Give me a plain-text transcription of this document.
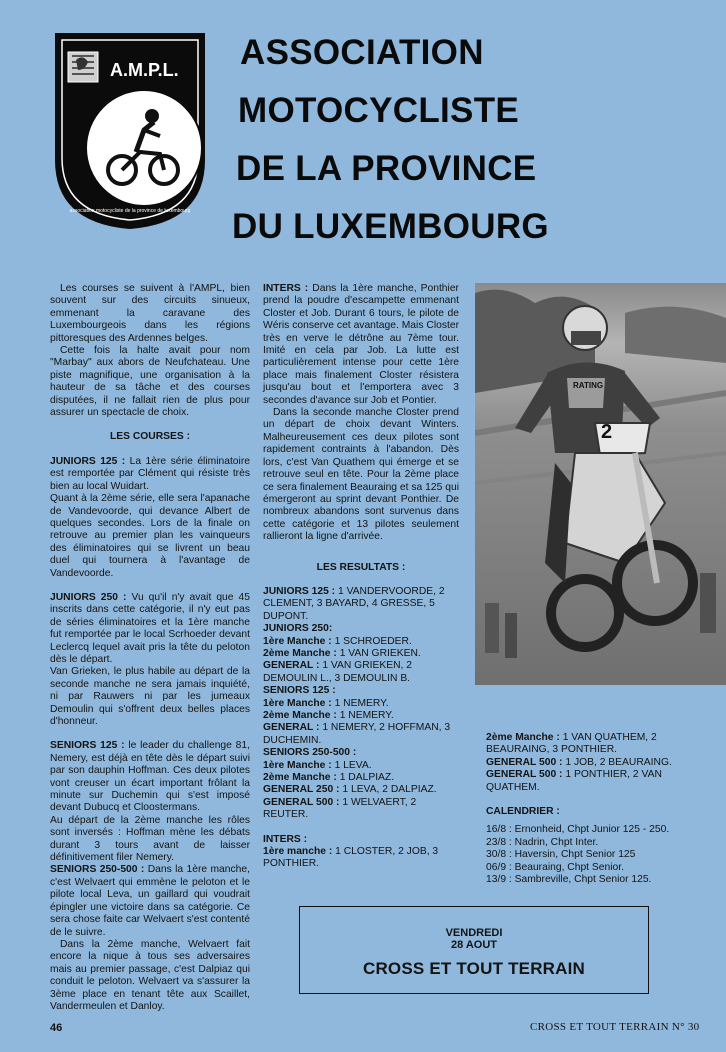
A.M.P.L.
association motocycliste de la province de luxembourg
ASSOCIATION
MOTOCYCLISTE
DE LA PROVINCE
DU LUXEMBOURG

Les courses se suivent à l'AMPL, bien souvent sur des circuits sinueux, emmenant la caravane des Luxembourgeois dans les régions pittoresques des Ardennes belges.

Cette fois la halte avait pour nom "Marbay" aux abors de Neufchateau. Une piste magnifique, une organisation à la hauteur de sa tâche et des courses disputées, il ne fallait rien de plus pour assurer un spectacle de choix.

LES COURSES :

JUNIORS 125 : La 1ère série éliminatoire est remportée par Clément qui résiste très bien au local Wuidart.

Quant à la 2ème série, elle sera l'apanache de Vandevoorde, qui devance Albert de quelques secondes. Lors de la finale on retrouve au premier plan les vainqueurs des éliminatoires qui se livrent un beau duel qui tournera à l'avantage de Vandevoorde.

JUNIORS 250 : Vu qu'il n'y avait que 45 inscrits dans cette catégorie, il n'y eut pas de séries éliminatoires et la 1ère manche fut remportée par le local Scrhoeder devant Leclercq lequel avait pris la tête du peloton dès le départ.

Van Grieken, le plus habile au départ de la seconde manche ne sera jamais inquiété, ni par Rauwers ni par les jumeaux Demoulin qui s'offrent deux belles places d'honneur.

SENIORS 125 : le leader du challenge 81, Nemery, est déjà en tête dès le départ suivi par son dauphin Hoffman. Ces deux pilotes vont creuser un écart important frôlant la minute sur Duchemin qui s'est imposé devant Dubucq et Cloostermans.

Au départ de la 2ème manche les rôles sont inversés : Hoffman mène les débats durant 3 tours avant de laisser définitivement filer Nemery.

SENIORS 250-500 : Dans la 1ère manche, c'est Welvaert qui emmène le peloton et le pilote local Leva, un gaillard qui voudrait épingler une victoire dans sa catégorie. Ce sera chose faite car Welvaert s'est contenté de le suivre.

Dans la 2ème manche, Welvaert fait encore la nique à tous ses adversaires mais au premier passage, c'est Dalpiaz qui conduit le peloton. Welvaert va s'assurer la 3ème place en tenant tête aux Scaillet, Vandermeulen et Danloy.

INTERS : Dans la 1ère manche, Ponthier prend la poudre d'escampette emmenant Closter et Job. Durant 6 tours, le pilote de Wéris conserve cet avantage. Mais Closter très en verve le détrône au 7ème tour. Imité en cela par Job. La lutte est particulièrement intense pour cette 1ère place mais finalement Closter résistera jusqu'au bout et l'emportera avec 3 secondes d'avance sur Job et Pontier.

Dans la seconde manche Closter prend un départ de choix devant Winters. Malheureusement ces deux pilotes sont rapidement contraints à l'abandon. Dès lors, c'est Van Quathem qui émerge et se retrouve seul en tête. Pour la 2ème place ce sera finalement Beauraing et sa 125 qui émergeront au sprint devant Ponthier. De nombreux abandons sont survenus dans cette catégorie et 13 pilotes seulement rallieront la ligne d'arrivée.

LES RESULTATS :

JUNIORS 125 : 1 VANDERVOORDE, 2 CLEMENT, 3 BAYARD, 4 GRESSE, 5 DUPONT.

JUNIORS 250:

1ère Manche : 1 SCHROEDER.

2ème Manche : 1 VAN GRIEKEN.

GENERAL : 1 VAN GRIEKEN, 2 DEMOULIN L., 3 DEMOULIN B.

SENIORS 125 :

1ère Manche : 1 NEMERY.

2ème Manche : 1 NEMERY.

GENERAL : 1 NEMERY, 2 HOFFMAN, 3 DUCHEMIN.

SENIORS 250-500 :

1ère Manche : 1 LEVA.

2ème Manche : 1 DALPIAZ.

GENERAL 250 : 1 LEVA, 2 DALPIAZ.

GENERAL 500 : 1 WELVAERT, 2 REUTER.

INTERS :

1ère manche : 1 CLOSTER, 2 JOB, 3 PONTHIER.

2
RATING

2ème Manche : 1 VAN QUATHEM, 2 BEAURAING, 3 PONTHIER.

GENERAL 500 : 1 JOB, 2 BEAURAING.

GENERAL 500 : 1 PONTHIER, 2 VAN QUATHEM.

CALENDRIER :

16/8 : Ernonheid, Chpt Junior 125 - 250.

23/8 : Nadrin, Chpt Inter.

30/8 : Haversin, Chpt Senior 125

06/9 : Beauraing, Chpt Senior.

13/9 : Sambreville, Chpt Senior 125.

VENDREDI
28 AOUT
CROSS ET TOUT TERRAIN
46	CROSS ET TOUT TERRAIN N° 30
